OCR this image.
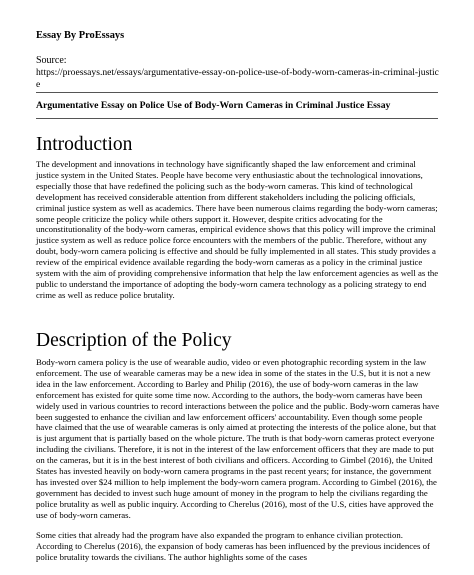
Essay By ProEssays
Source:
https://proessays.net/essays/argumentative-essay-on-police-use-of-body-worn-cameras-in-criminal-justice
Argumentative Essay on Police Use of Body-Worn Cameras in Criminal Justice Essay
Introduction

The development and innovations in technology have significantly shaped the law enforcement and criminal justice system in the United States. People have become very enthusiastic about the technological innovations, especially those that have redefined the policing such as the body-worn cameras. This kind of technological development has received considerable attention from different stakeholders including the policing officials, criminal justice system as well as academics. There have been numerous claims regarding the body-worn cameras; some people criticize the policy while others support it. However, despite critics advocating for the unconstitutionality of the body-worn cameras, empirical evidence shows that this policy will improve the criminal justice system as well as reduce police force encounters with the members of the public. Therefore, without any doubt, body-worn camera policing is effective and should be fully implemented in all states. This study provides a review of the empirical evidence available regarding the body-worn cameras as a policy in the criminal justice system with the aim of providing comprehensive information that help the law enforcement agencies as well as the public to understand the importance of adopting the body-worn camera technology as a policing strategy to end crime as well as reduce police brutality.

Description of the Policy

Body-worn camera policy is the use of wearable audio, video or even photographic recording system in the law enforcement. The use of wearable cameras may be a new idea in some of the states in the U.S, but it is not a new idea in the law enforcement. According to Barley and Philip (2016), the use of body-worn cameras in the law enforcement has existed for quite some time now. According to the authors, the body-worn cameras have been widely used in various countries to record interactions between the police and the public. Body-worn cameras have been suggested to enhance the civilian and law enforcement officers' accountability. Even though some people have claimed that the use of wearable cameras is only aimed at protecting the interests of the police alone, but that is just argument that is partially based on the whole picture. The truth is that body-worn cameras protect everyone including the civilians. Therefore, it is not in the interest of the law enforcement officers that they are made to put on the cameras, but it is in the best interest of both civilians and officers. According to Gimbel (2016), the United States has invested heavily on body-worn camera programs in the past recent years; for instance, the government has invested over $24 million to help implement the body-worn camera program. According to Gimbel (2016), the government has decided to invest such huge amount of money in the program to help the civilians regarding the police brutality as well as public inquiry. According to Cherelus (2016), most of the U.S, cities have approved the use of body-worn cameras.

Some cities that already had the program have also expanded the program to enhance civilian protection. According to Cherelus (2016), the expansion of body cameras has been influenced by the previous incidences of police brutality towards the civilians. The author highlights some of the cases
